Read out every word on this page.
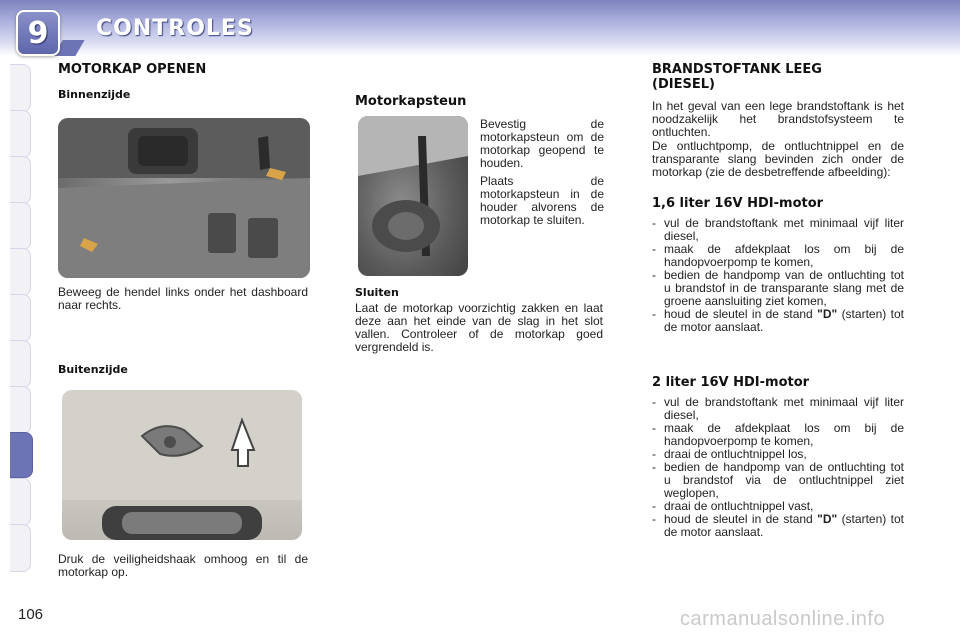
9	CONTROLES
MOTORKAP OPENEN
Binnenzijde
Beweeg de hendel links onder het dashboard naar rechts.
Buitenzijde
Druk de veiligheidshaak omhoog en til de motorkap op.
Motorkapsteun
Bevestig de motorkapsteun om de motorkap geopend te houden.
Plaats de motorkapsteun in de houder alvorens de motorkap te sluiten.
Sluiten
Laat de motorkap voorzichtig zakken en laat deze aan het einde van de slag in het slot vallen. Controleer of de motorkap goed vergrendeld is.
BRANDSTOFTANK LEEG (DIESEL)
In het geval van een lege brandstoftank is het noodzakelijk het brandstofsysteem te ontluchten.
De ontluchtpomp, de ontluchtnippel en de transparante slang bevinden zich onder de motorkap (zie de desbetreffende afbeelding):
1,6 liter 16V HDI-motor
- vul de brandstoftank met minimaal vijf liter diesel,
- maak de afdekplaat los om bij de handopvoerpomp te komen,
- bedien de handpomp van de ontluchting tot u brandstof in de transparante slang met de groene aansluiting ziet komen,
- houd de sleutel in de stand "D" (starten) tot de motor aanslaat.
2 liter 16V HDI-motor
- vul de brandstoftank met minimaal vijf liter diesel,
- maak de afdekplaat los om bij de handopvoerpomp te komen,
- draai de ontluchtnippel los,
- bedien de handpomp van de ontluchting tot u brandstof via de ontluchtnippel ziet weglopen,
- draai de ontluchtnippel vast,
- houd de sleutel in de stand "D" (starten) tot de motor aanslaat.
106	carmanualsonline.info
